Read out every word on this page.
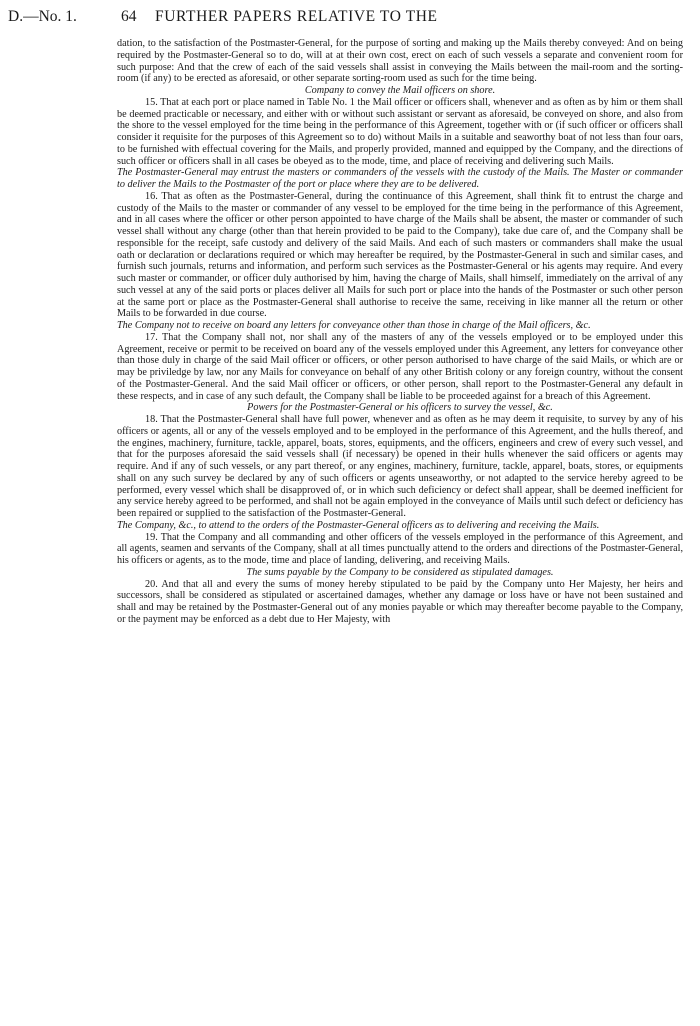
D.—No. 1.	64 FURTHER PAPERS RELATIVE TO THE

dation, to the satisfaction of the Postmaster-General, for the purpose of sorting and making up the Mails thereby conveyed: And on being required by the Postmaster-General so to do, will at at their own cost, erect on each of such vessels a separate and convenient room for such purpose: And that the crew of each of the said vessels shall assist in conveying the Mails between the mail-room and the sorting-room (if any) to be erected as aforesaid, or other separate sorting-room used as such for the time being.

Company to convey the Mail officers on shore.

15. That at each port or place named in Table No. 1 the Mail officer or officers shall, whenever and as often as by him or them shall be deemed practicable or necessary, and either with or without such assistant or servant as aforesaid, be conveyed on shore, and also from the shore to the vessel employed for the time being in the performance of this Agreement, together with or (if such officer or officers shall consider it requisite for the purposes of this Agreement so to do) without Mails in a suitable and seaworthy boat of not less than four oars, to be furnished with effectual covering for the Mails, and properly provided, manned and equipped by the Company, and the directions of such officer or officers shall in all cases be obeyed as to the mode, time, and place of receiving and delivering such Mails.

The Postmaster-General may entrust the masters or commanders of the vessels with the custody of the Mails. The Master or commander to deliver the Mails to the Postmaster of the port or place where they are to be delivered.

16. That as often as the Postmaster-General, during the continuance of this Agreement, shall think fit to entrust the charge and custody of the Mails to the master or commander of any vessel to be employed for the time being in the performance of this Agreement, and in all cases where the officer or other person appointed to have charge of the Mails shall be absent, the master or commander of such vessel shall without any charge (other than that herein provided to be paid to the Company), take due care of, and the Company shall be responsible for the receipt, safe custody and delivery of the said Mails. And each of such masters or commanders shall make the usual oath or declaration or declarations required or which may hereafter be required, by the Postmaster-General in such and similar cases, and furnish such journals, returns and information, and perform such services as the Postmaster-General or his agents may require. And every such master or commander, or officer duly authorised by him, having the charge of Mails, shall himself, immediately on the arrival of any such vessel at any of the said ports or places deliver all Mails for such port or place into the hands of the Postmaster or such other person at the same port or place as the Postmaster-General shall authorise to receive the same, receiving in like manner all the return or other Mails to be forwarded in due course.

The Company not to receive on board any letters for conveyance other than those in charge of the Mail officers, &c.

17. That the Company shall not, nor shall any of the masters of any of the vessels employed or to be employed under this Agreement, receive or permit to be received on board any of the vessels employed under this Agreement, any letters for conveyance other than those duly in charge of the said Mail officer or officers, or other person authorised to have charge of the said Mails, or which are or may be priviledge by law, nor any Mails for conveyance on behalf of any other British colony or any foreign country, without the consent of the Postmaster-General. And the said Mail officer or officers, or other person, shall report to the Postmaster-General any default in these respects, and in case of any such default, the Company shall be liable to be proceeded against for a breach of this Agreement.

Powers for the Postmaster-General or his officers to survey the vessel, &c.

18. That the Postmaster-General shall have full power, whenever and as often as he may deem it requisite, to survey by any of his officers or agents, all or any of the vessels employed and to be employed in the performance of this Agreement, and the hulls thereof, and the engines, machinery, furniture, tackle, apparel, boats, stores, equipments, and the officers, engineers and crew of every such vessel, and that for the purposes aforesaid the said vessels shall (if necessary) be opened in their hulls whenever the said officers or agents may require. And if any of such vessels, or any part thereof, or any engines, machinery, furniture, tackle, apparel, boats, stores, or equipments shall on any such survey be declared by any of such officers or agents unseaworthy, or not adapted to the service hereby agreed to be performed, every vessel which shall be disapproved of, or in which such deficiency or defect shall appear, shall be deemed inefficient for any service hereby agreed to be performed, and shall not be again employed in the conveyance of Mails until such defect or deficiency has been repaired or supplied to the satisfaction of the Postmaster-General.

The Company, &c., to attend to the orders of the Postmaster-General officers as to delivering and receiving the Mails.

19. That the Company and all commanding and other officers of the vessels employed in the performance of this Agreement, and all agents, seamen and servants of the Company, shall at all times punctually attend to the orders and directions of the Postmaster-General, his officers or agents, as to the mode, time and place of landing, delivering, and receiving Mails.

The sums payable by the Company to be considered as stipulated damages.

20. And that all and every the sums of money hereby stipulated to be paid by the Company unto Her Majesty, her heirs and successors, shall be considered as stipulated or ascertained damages, whether any damage or loss have or have not been sustained and shall and may be retained by the Postmaster-General out of any monies payable or which may thereafter become payable to the Company, or the payment may be enforced as a debt due to Her Majesty, with
